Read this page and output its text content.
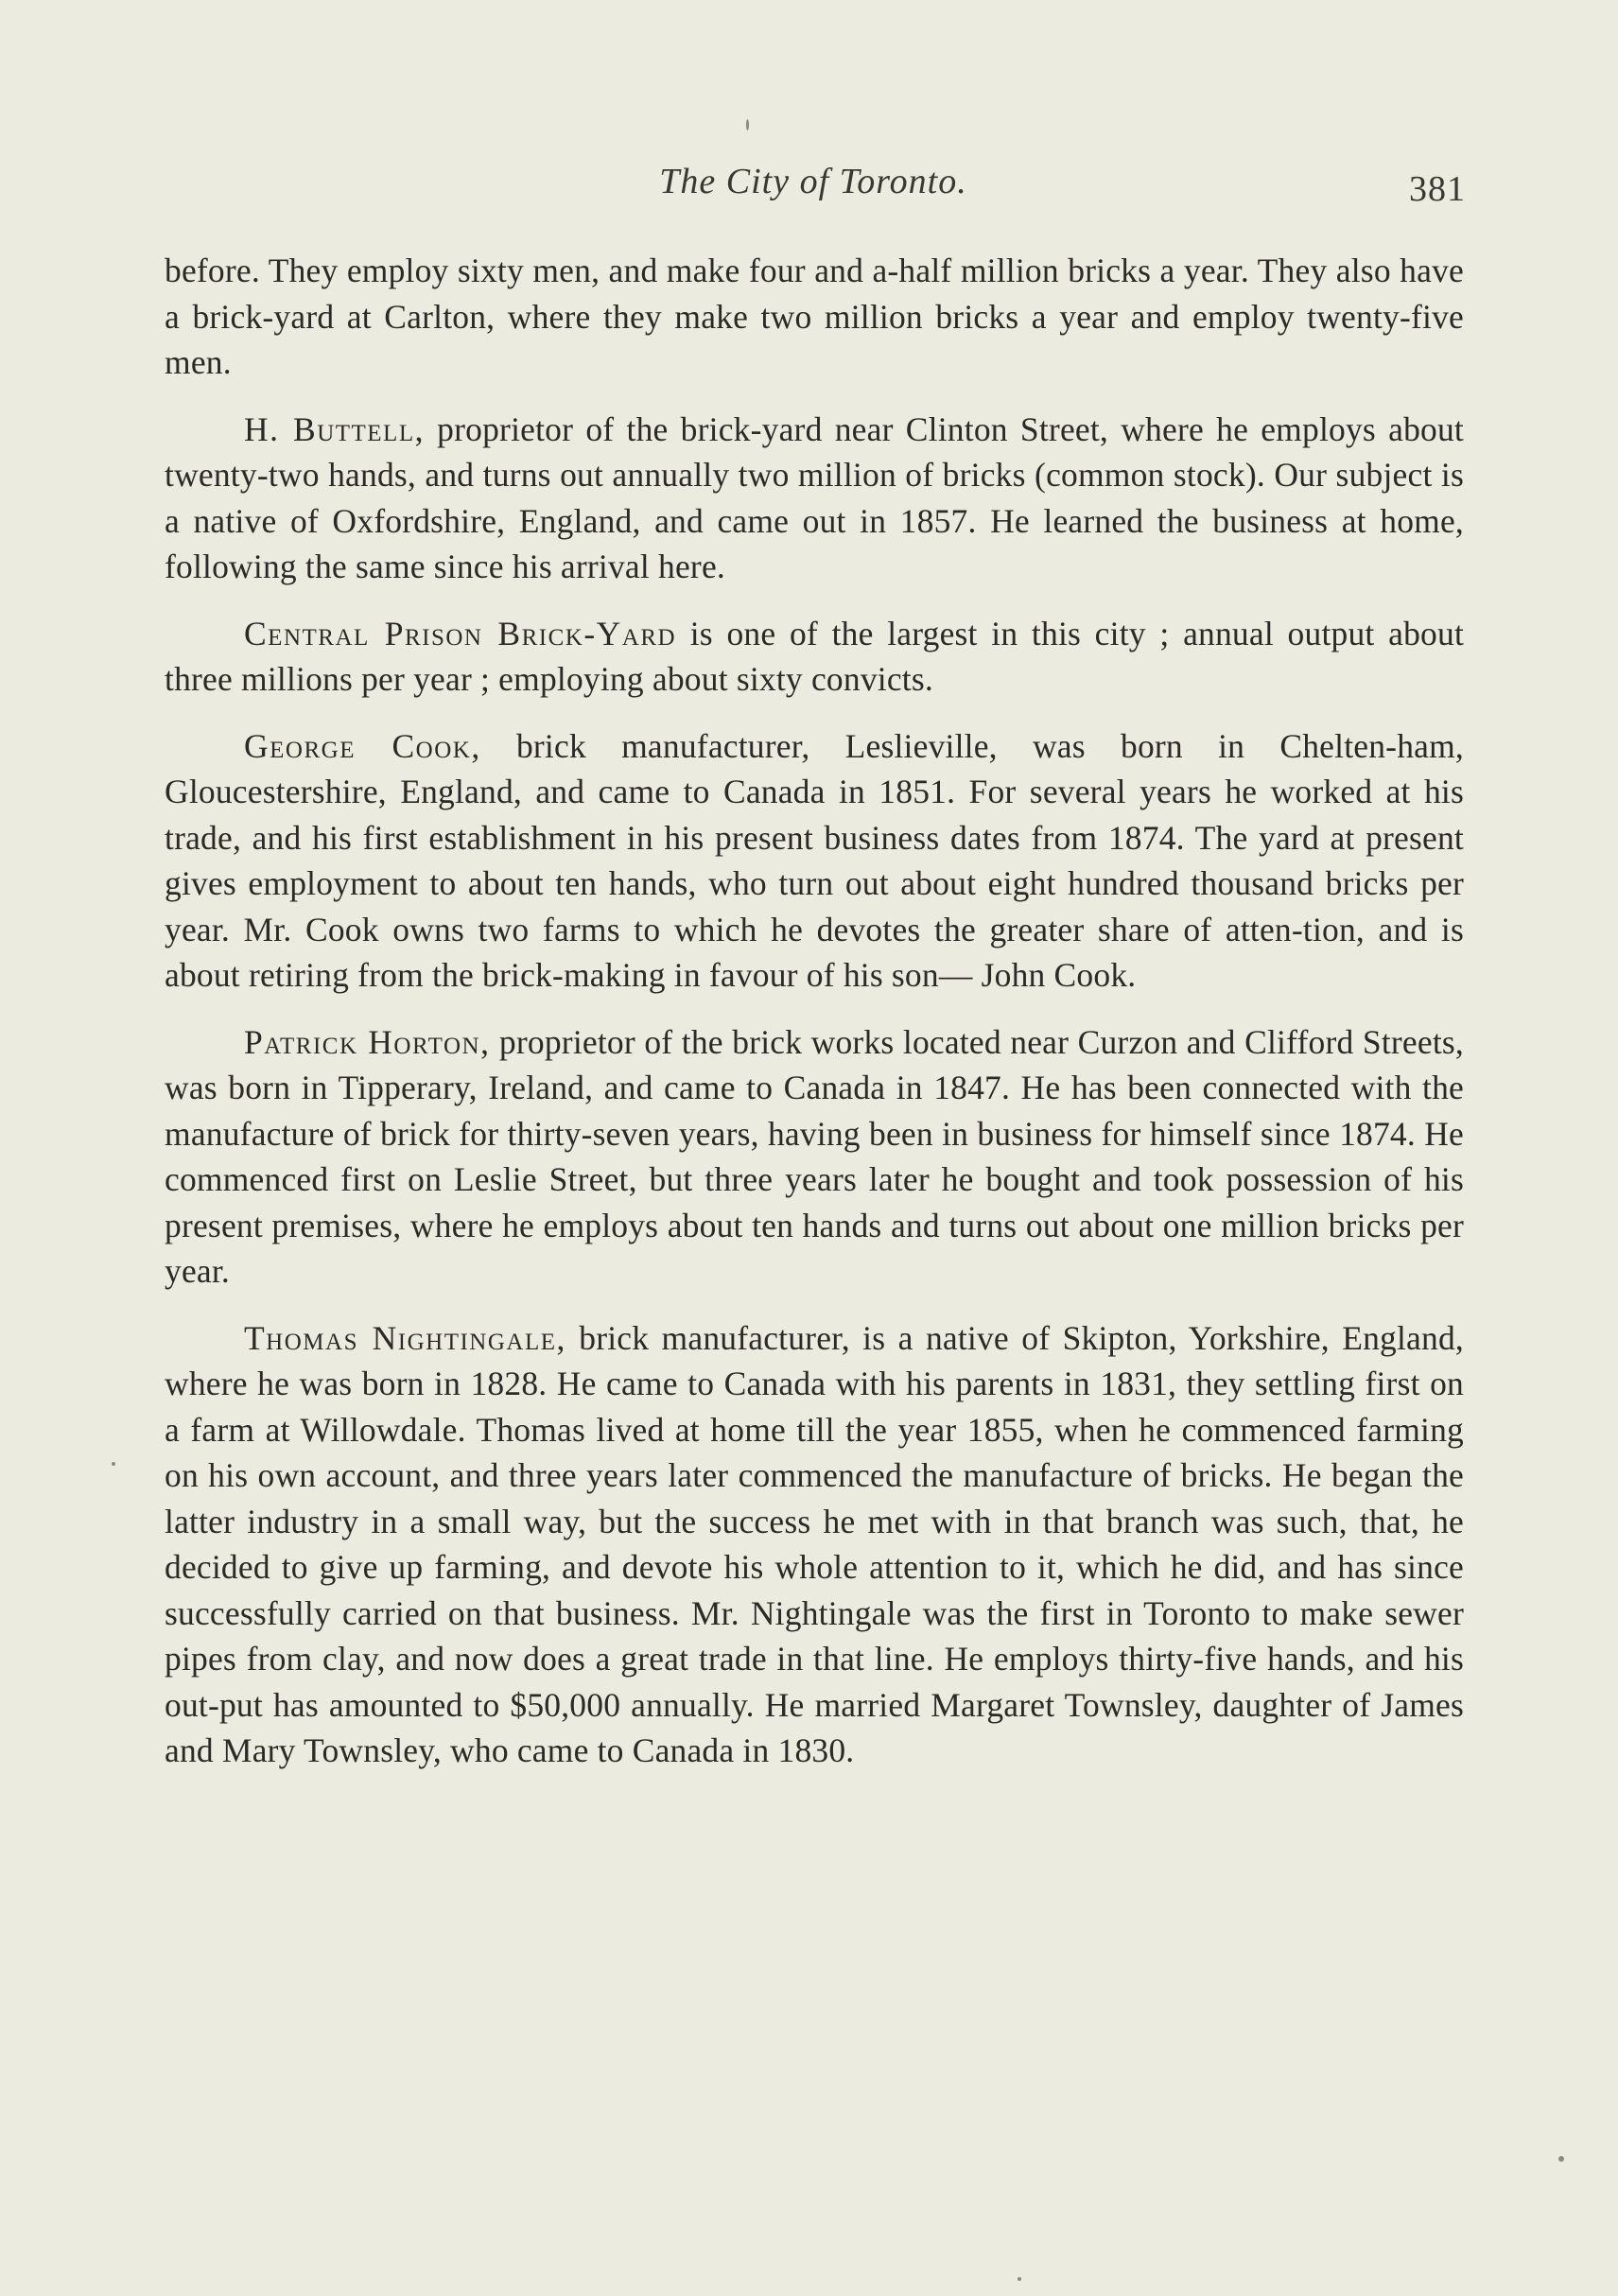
The City of Toronto.	381

before. They employ sixty men, and make four and a-half million bricks a year. They also have a brick-yard at Carlton, where they make two million bricks a year and employ twenty-five men.

H. Buttell, proprietor of the brick-yard near Clinton Street, where he employs about twenty-two hands, and turns out annually two million of bricks (common stock). Our subject is a native of Oxfordshire, England, and came out in 1857. He learned the business at home, following the same since his arrival here.

Central Prison Brick-Yard is one of the largest in this city ; annual output about three millions per year ; employing about sixty convicts.

George Cook, brick manufacturer, Leslieville, was born in Chelten-ham, Gloucestershire, England, and came to Canada in 1851. For several years he worked at his trade, and his first establishment in his present business dates from 1874. The yard at present gives employment to about ten hands, who turn out about eight hundred thousand bricks per year. Mr. Cook owns two farms to which he devotes the greater share of atten-tion, and is about retiring from the brick-making in favour of his son— John Cook.

Patrick Horton, proprietor of the brick works located near Curzon and Clifford Streets, was born in Tipperary, Ireland, and came to Canada in 1847. He has been connected with the manufacture of brick for thirty-seven years, having been in business for himself since 1874. He commenced first on Leslie Street, but three years later he bought and took possession of his present premises, where he employs about ten hands and turns out about one million bricks per year.

Thomas Nightingale, brick manufacturer, is a native of Skipton, Yorkshire, England, where he was born in 1828. He came to Canada with his parents in 1831, they settling first on a farm at Willowdale. Thomas lived at home till the year 1855, when he commenced farming on his own account, and three years later commenced the manufacture of bricks. He began the latter industry in a small way, but the success he met with in that branch was such, that, he decided to give up farming, and devote his whole attention to it, which he did, and has since successfully carried on that business. Mr. Nightingale was the first in Toronto to make sewer pipes from clay, and now does a great trade in that line. He employs thirty-five hands, and his out-put has amounted to $50,000 annually. He married Margaret Townsley, daughter of James and Mary Townsley, who came to Canada in 1830.
